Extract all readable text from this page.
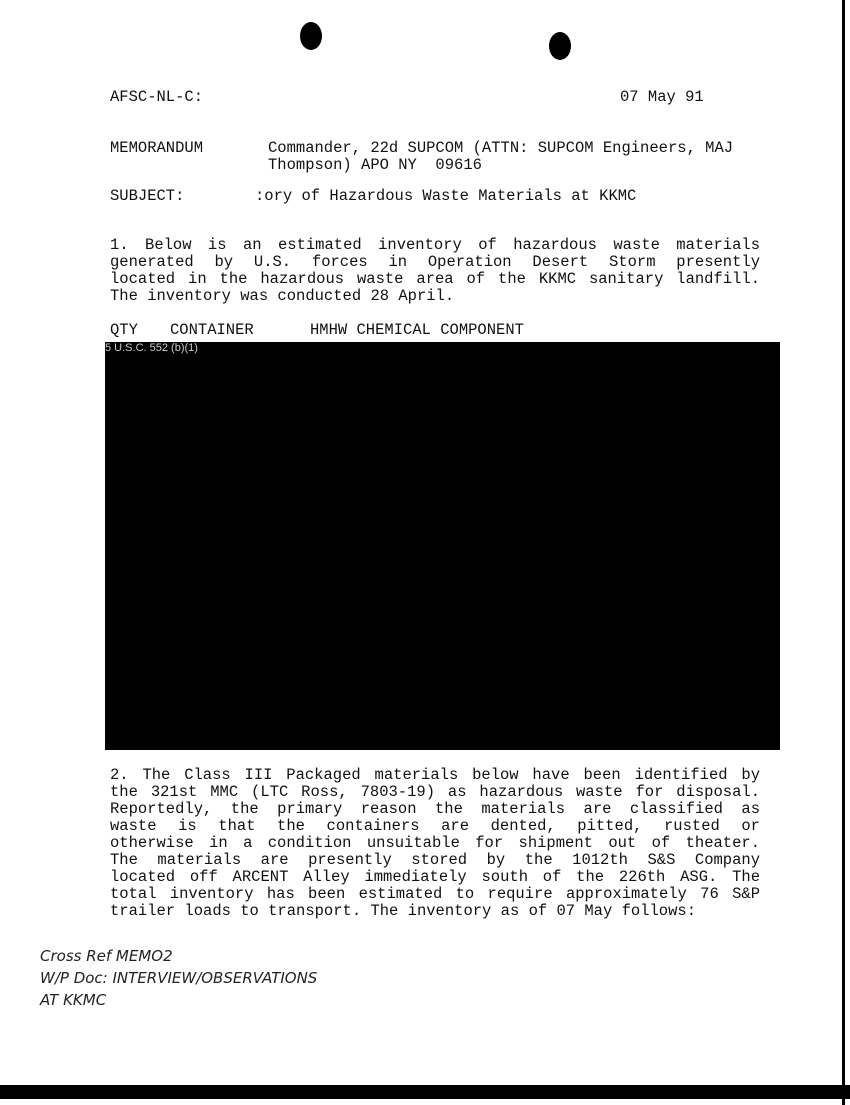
AFSC-NL-C:	07 May 91
MEMORANDUM	Commander, 22d SUPCOM (ATTN: SUPCOM Engineers, MAJ
Thompson) APO NY  09616
SUBJECT:	:ory of Hazardous Waste Materials at KKMC
1. Below is an estimated inventory of hazardous waste materials
generated by U.S. forces in Operation Desert Storm presently
located in the hazardous waste area of the KKMC sanitary landfill.
The inventory was conducted 28 April.
QTY CONTAINER	HMHW CHEMICAL COMPONENT
5 U.S.C. 552 (b)(1)
2. The Class III Packaged materials below have been identified by
the 321st MMC (LTC Ross, 7803-19) as hazardous waste for disposal.
Reportedly, the primary reason the materials are classified as
waste is that the containers are dented, pitted, rusted or
otherwise in a condition unsuitable for shipment out of theater.
The materials are presently stored by the 1012th S&S Company
located off ARCENT Alley immediately south of the 226th ASG. The
total inventory has been estimated to require approximately 76 S&P
trailer loads to transport. The inventory as of 07 May follows:
Cross Ref MEMO2
W/P Doc: INTERVIEW/OBSERVATIONS
AT KKMC
